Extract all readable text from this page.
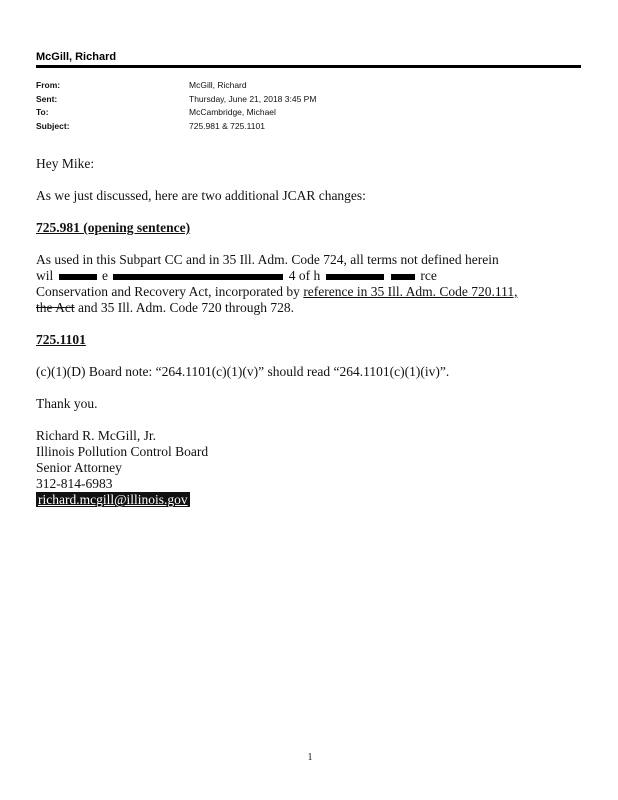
McGill, Richard
From:	McGill, Richard
Sent:	Thursday, June 21, 2018 3:45 PM
To:	McCambridge, Michael
Subject:	725.981 & 725.1101

Hey Mike:

As we just discussed, here are two additional JCAR changes:

725.981 (opening sentence)

As used in this Subpart CC and in 35 Ill. Adm. Code 724, all terms not defined herein
wil	e	4 of h	rce
Conservation and Recovery Act, incorporated by reference in 35 Ill. Adm. Code 720.111,
the Act and 35 Ill. Adm. Code 720 through 728.

725.1101

(c)(1)(D) Board note: “264.1101(c)(1)(v)” should read “264.1101(c)(1)(iv)”.

Thank you.

Richard R. McGill, Jr.
Illinois Pollution Control Board
Senior Attorney
312-814-6983
richard.mcgill@illinois.gov
1
